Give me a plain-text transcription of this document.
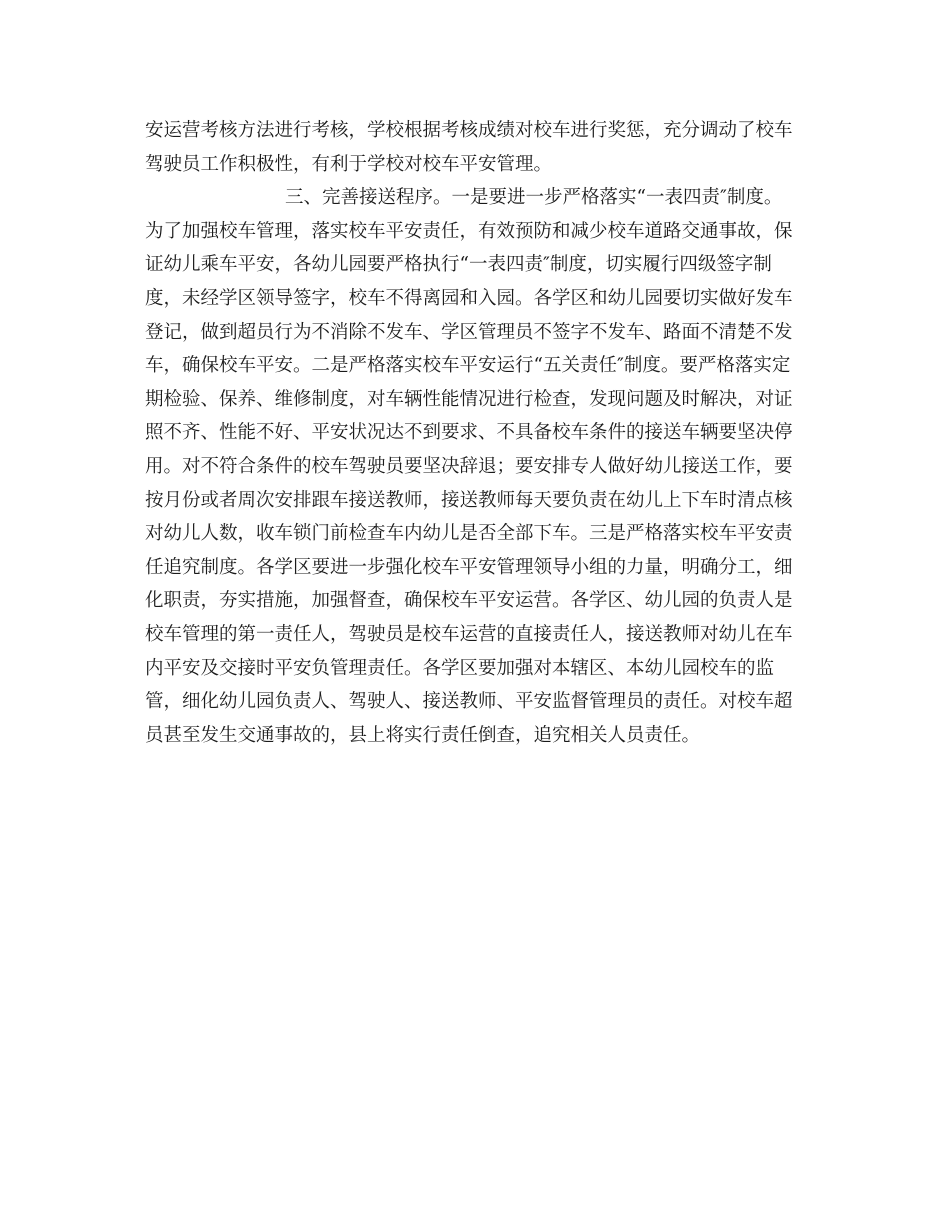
安运营考核方法进行考核，学校根据考核成绩对校车进行奖惩，充分调动了校车
驾驶员工作积极性，有利于学校对校车平安管理。
三、完善接送程序。一是要进一步严格落实“一表四责″制度。
为了加强校车管理，落实校车平安责任，有效预防和减少校车道路交通事故，保
证幼儿乘车平安，各幼儿园要严格执行“一表四责″制度，切实履行四级签字制
度，未经学区领导签字，校车不得离园和入园。各学区和幼儿园要切实做好发车
登记，做到超员行为不消除不发车、学区管理员不签字不发车、路面不清楚不发
车，确保校车平安。二是严格落实校车平安运行“五关责任″制度。要严格落实定
期检验、保养、维修制度，对车辆性能情况进行检查，发现问题及时解决，对证
照不齐、性能不好、平安状况达不到要求、不具备校车条件的接送车辆要坚决停
用。对不符合条件的校车驾驶员要坚决辞退；要安排专人做好幼儿接送工作，要
按月份或者周次安排跟车接送教师，接送教师每天要负责在幼儿上下车时清点核
对幼儿人数，收车锁门前检查车内幼儿是否全部下车。三是严格落实校车平安责
任追究制度。各学区要进一步强化校车平安管理领导小组的力量，明确分工，细
化职责，夯实措施，加强督查，确保校车平安运营。各学区、幼儿园的负责人是
校车管理的第一责任人，驾驶员是校车运营的直接责任人，接送教师对幼儿在车
内平安及交接时平安负管理责任。各学区要加强对本辖区、本幼儿园校车的监
管，细化幼儿园负责人、驾驶人、接送教师、平安监督管理员的责任。对校车超
员甚至发生交通事故的，县上将实行责任倒查，追究相关人员责任。
